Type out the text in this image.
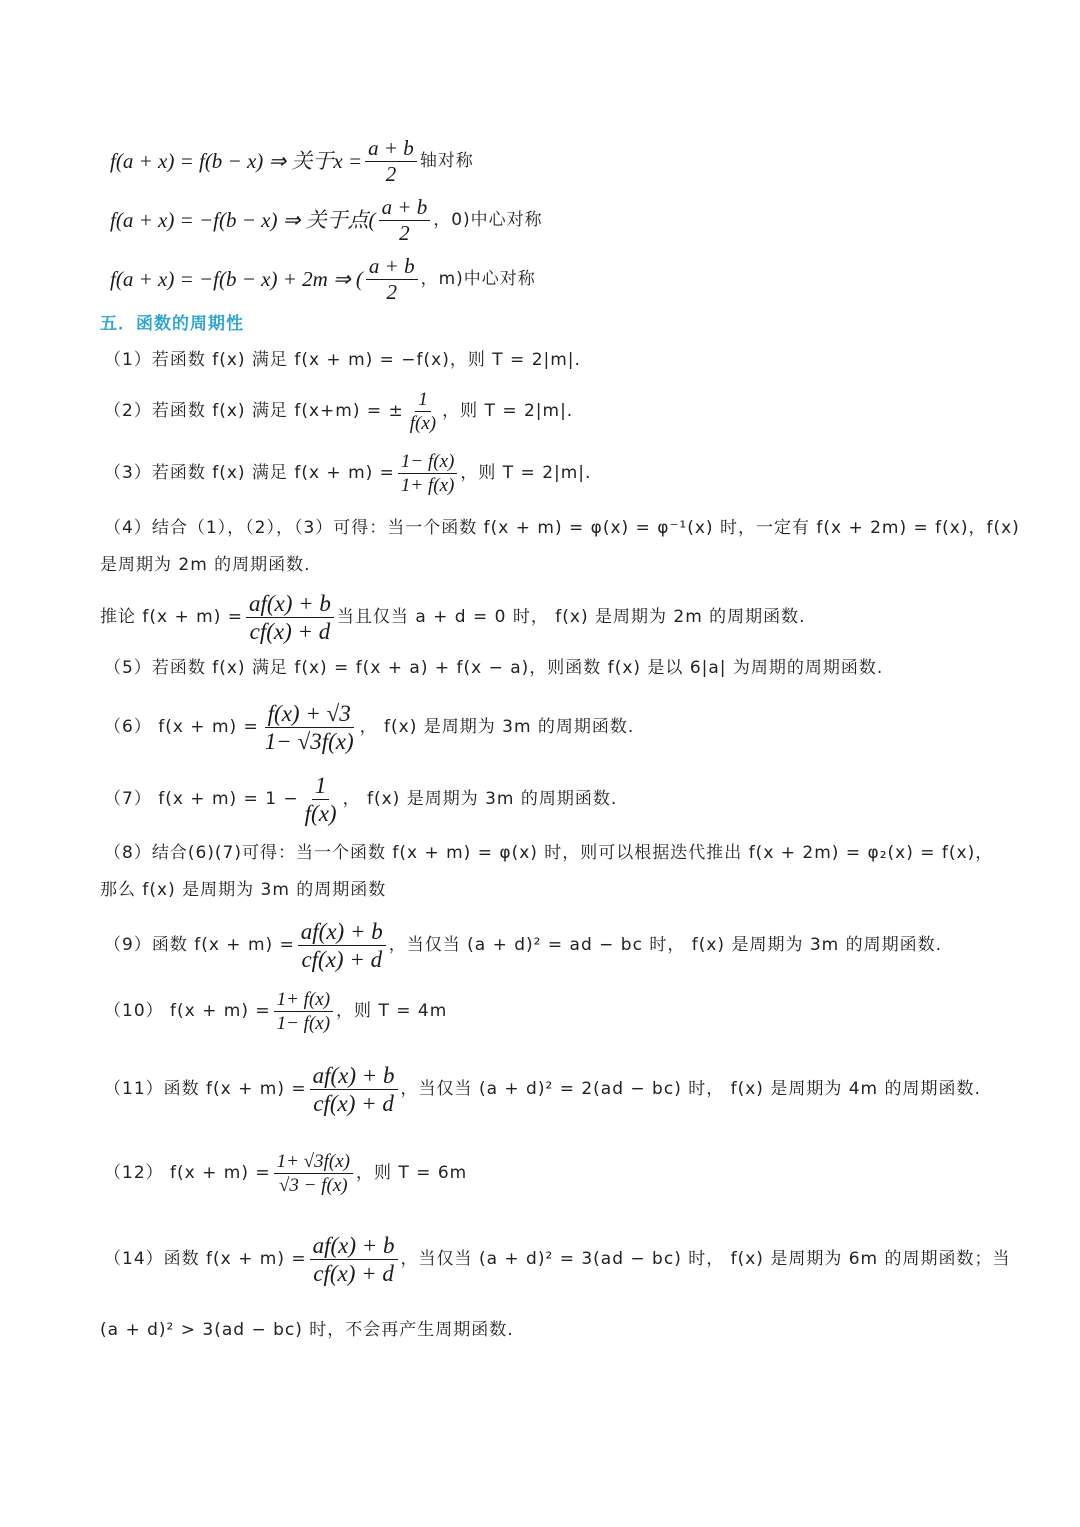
f(a + x) = f(b − x) ⇒ 关于$x = \frac{a + b}{2}$ 轴对称
f(a + x) = −f(b − x) ⇒ 关于点( $\frac{a + b}{2}$ ，0)中心对称
f(a + x) = −f(b − x) + 2m ⇒ ( $\frac{a + b}{2}$ ，m)中心对称
五．函数的周期性
（1）若函数 f(x) 满足 f(x + m) = −f(x)，则 T = 2|m|.
（2）若函数 f(x) 满足 f(x+m) = ± $\frac{1}{f(x)}$ ，则 T = 2|m|.
（3）若函数 f(x) 满足 $f(x + m) = \frac{1- f(x)}{1+ f(x)}$ ，则 T = 2|m|.
（4）结合（1），（2），（3）可得：当一个函数 f(x + m) = φ(x) = φ⁻¹(x) 时，一定有 f(x + 2m) = f(x)，f(x)
是周期为 2m 的周期函数.
推论 $f(x + m) = \frac{af(x) + b}{cf(x) + d}$ 当且仅当 a + d = 0 时， f(x) 是周期为 2m 的周期函数.
（5）若函数 f(x) 满足 f(x) = f(x + a) + f(x − a)，则函数 f(x) 是以 6|a| 为周期的周期函数.
（6） $f(x + m) = \frac{f(x) + √3}{1- √3f(x)}$ ， f(x) 是周期为 3m 的周期函数.
（7） $f(x + m) = 1 - \frac{1}{f(x)}$ ， f(x) 是周期为 3m 的周期函数.
（8）结合(6)(7)可得：当一个函数 f(x + m) = φ(x) 时，则可以根据迭代推出 f(x + 2m) = φ₂(x) = f(x)，
那么 f(x) 是周期为 3m 的周期函数
（9）函数 $f(x + m) = \frac{af(x) + b}{cf(x) + d}$ ，当仅当 (a + d)² = ad − bc 时， f(x) 是周期为 3m 的周期函数.
（10） $f(x + m) = \frac{1+ f(x)}{1- f(x)}$ ，则 T = 4m
（11）函数 $f(x + m) = \frac{af(x) + b}{cf(x) + d}$ ，当仅当 (a + d)² = 2(ad − bc) 时， f(x) 是周期为 4m 的周期函数.
（12） $f(x + m) = \frac{1+ √3f(x)}{√3 - f(x)}$ ，则 T = 6m
（14）函数 $f(x + m) = \frac{af(x) + b}{cf(x) + d}$ ，当仅当 (a + d)² = 3(ad − bc) 时， f(x) 是周期为 6m 的周期函数；当
(a + d)² > 3(ad − bc) 时，不会再产生周期函数.
